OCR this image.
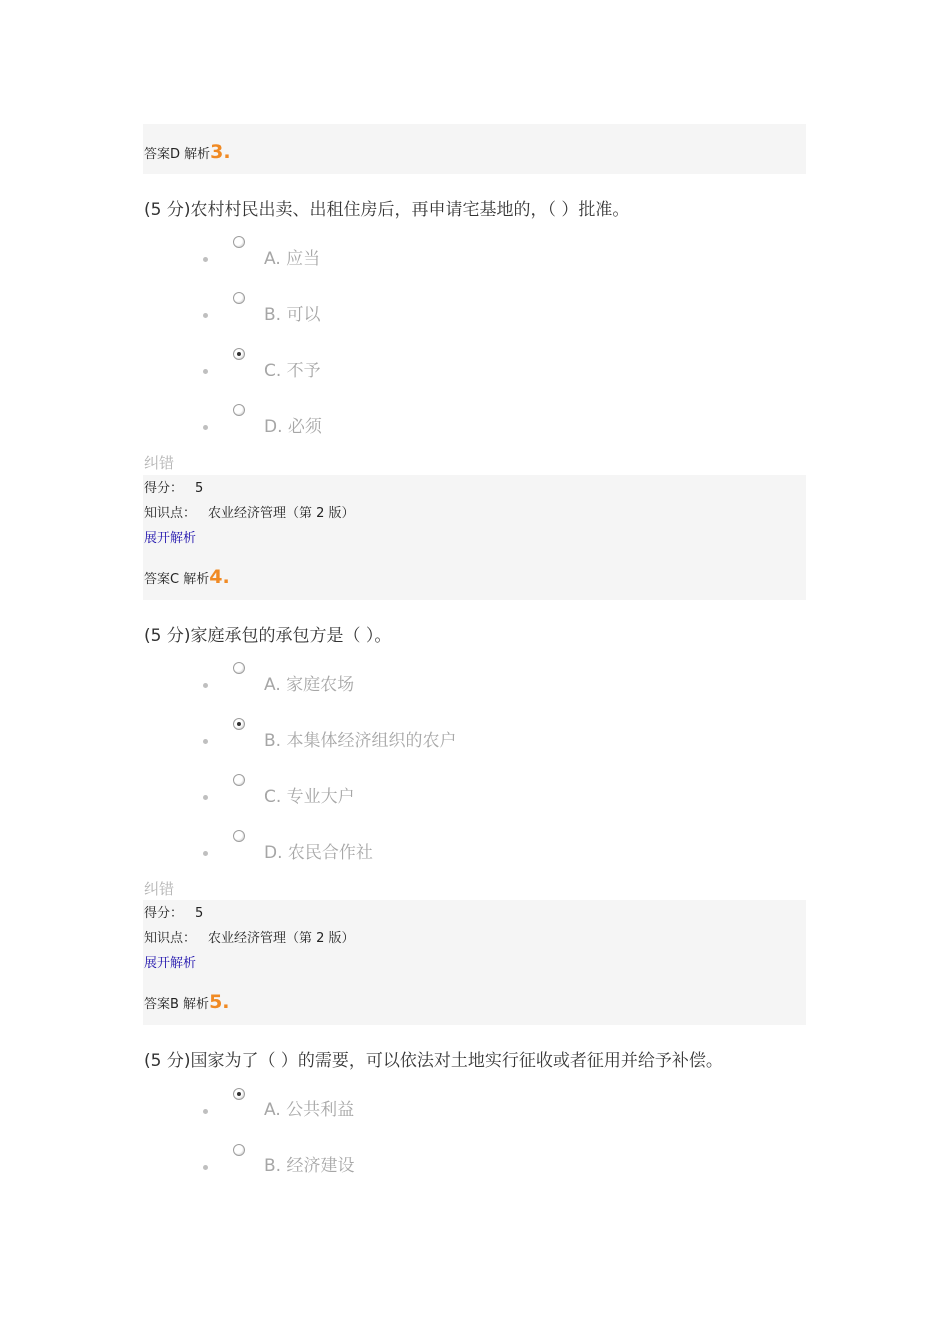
答案D 解析3.
(5 分)农村村民出卖、出租住房后，再申请宅基地的，（ ）批准。
A. 应当
B. 可以
C. 不予
D. 必须
纠错
得分： 5
知识点： 农业经济管理（第 2 版）
展开解析
答案C 解析4.
(5 分)家庭承包的承包方是（ ）。
A. 家庭农场
B. 本集体经济组织的农户
C. 专业大户
D. 农民合作社
纠错
得分： 5
知识点： 农业经济管理（第 2 版）
展开解析
答案B 解析5.
(5 分)国家为了（ ）的需要，可以依法对土地实行征收或者征用并给予补偿。
A. 公共利益
B. 经济建设
